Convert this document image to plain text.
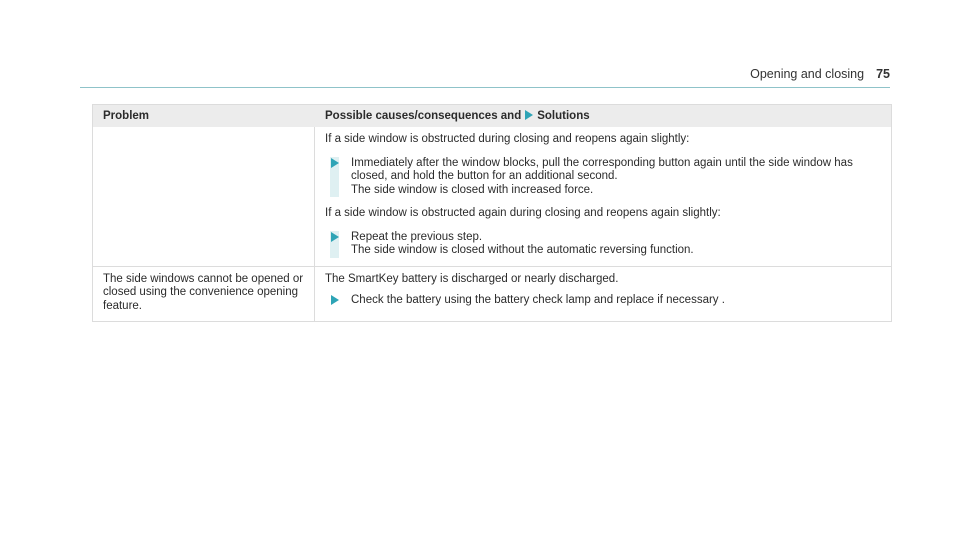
Opening and closing 75
Problem	Possible causes/consequences and Solutions

If a side window is obstructed during closing and reopens again slightly:

Immediately after the window blocks, pull the corresponding button again until the side window has
closed, and hold the button for an additional second.
The side window is closed with increased force.

If a side window is obstructed again during closing and reopens again slightly:

Repeat the previous step.
The side window is closed without the automatic reversing function.
The side windows cannot be opened or
closed using the convenience opening
feature.

The SmartKey battery is discharged or nearly discharged.

Check the battery using the battery check lamp and replace if necessary .
